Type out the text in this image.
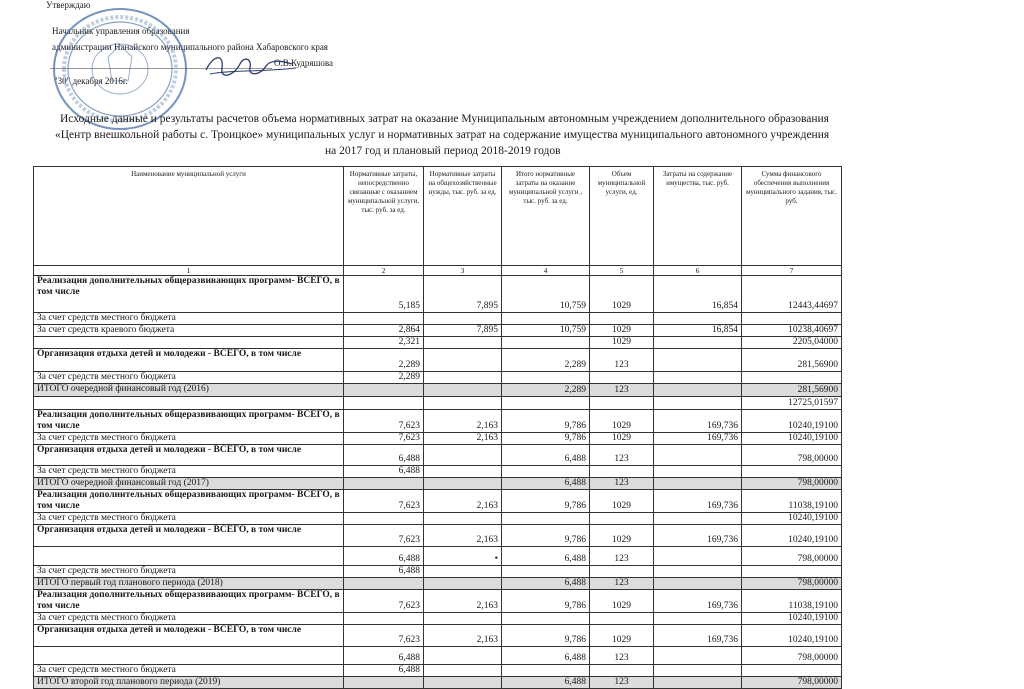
Утверждаю
Начальник управления образования
администрации Нанайского муниципального района Хабаровского края
О.В.Кудряшова
"30" декабря 2016г.
Исходные данные и результаты расчетов объема нормативных затрат на оказание Муниципальным автономным учреждением дополнительного образования
«Центр внешкольной работы с. Троицкое» муниципальных услуг и нормативных затрат на содержание имущества муниципального автономного учреждения
на 2017 год и плановый период 2018-2019 годов
Наименование муниципальной услуги	Нормативные затраты, непосредственно связанные с оказанием муниципальной услуги, тыс. руб. за ед.	Нормативные затраты на общехозяйственные нужды, тыс. руб. за ед.	Итого нормативные затраты на оказание муниципальной услуги , тыс. руб. за ед.	Объем муниципальной услуги, ед.	Затраты на содержание имущества, тыс. руб.	Сумма финансового обеспечения выполнения муниципального задания, тыс. руб.
1	2	3	4	5	6	7
Реализация дополнительных общеразвивающих программ- ВСЕГО, в том числе	5,185	7,895	10,759	1029	16,854	12443,44697
За счет средств местного бюджета						
За счет средств краевого бюджета	2,864	7,895	10,759	1029	16,854	10238,40697
	2,321			1029		2205,04000
Организация отдыха детей и молодежи - ВСЕГО, в том числе	2,289		2,289	123		281,56900
За счет средств местного бюджета	2,289					
ИТОГО очередной финансовый год (2016)			2,289	123		281,56900
						12725,01597
Реализация дополнительных общеразвивающих программ- ВСЕГО, в том числе	7,623	2,163	9,786	1029	169,736	10240,19100
За счет средств местного бюджета	7,623	2,163	9,786	1029	169,736	10240,19100
Организация отдыха детей и молодежи - ВСЕГО, в том числе	6,488		6,488	123		798,00000
За счет средств местного бюджета	6,488					
ИТОГО очередной финансовый год (2017)			6,488	123		798,00000
Реализация дополнительных общеразвивающих программ- ВСЕГО, в том числе	7,623	2,163	9,786	1029	169,736	11038,19100
За счет средств местного бюджета						10240,19100
Организация отдыха детей и молодежи - ВСЕГО, в том числе	7,623	2,163	9,786	1029	169,736	10240,19100
	6,488	•	6,488	123		798,00000
За счет средств местного бюджета	6,488					
ИТОГО первый год планового периода (2018)			6,488	123		798,00000
Реализация дополнительных общеразвивающих программ- ВСЕГО, в том числе	7,623	2,163	9,786	1029	169,736	11038,19100
За счет средств местного бюджета						10240,19100
Организация отдыха детей и молодежи - ВСЕГО, в том числе	7,623	2,163	9,786	1029	169,736	10240,19100
	6,488		6,488	123		798,00000
За счет средств местного бюджета	6,488					
ИТОГО второй год планового периода (2019)			6,488	123		798,00000
